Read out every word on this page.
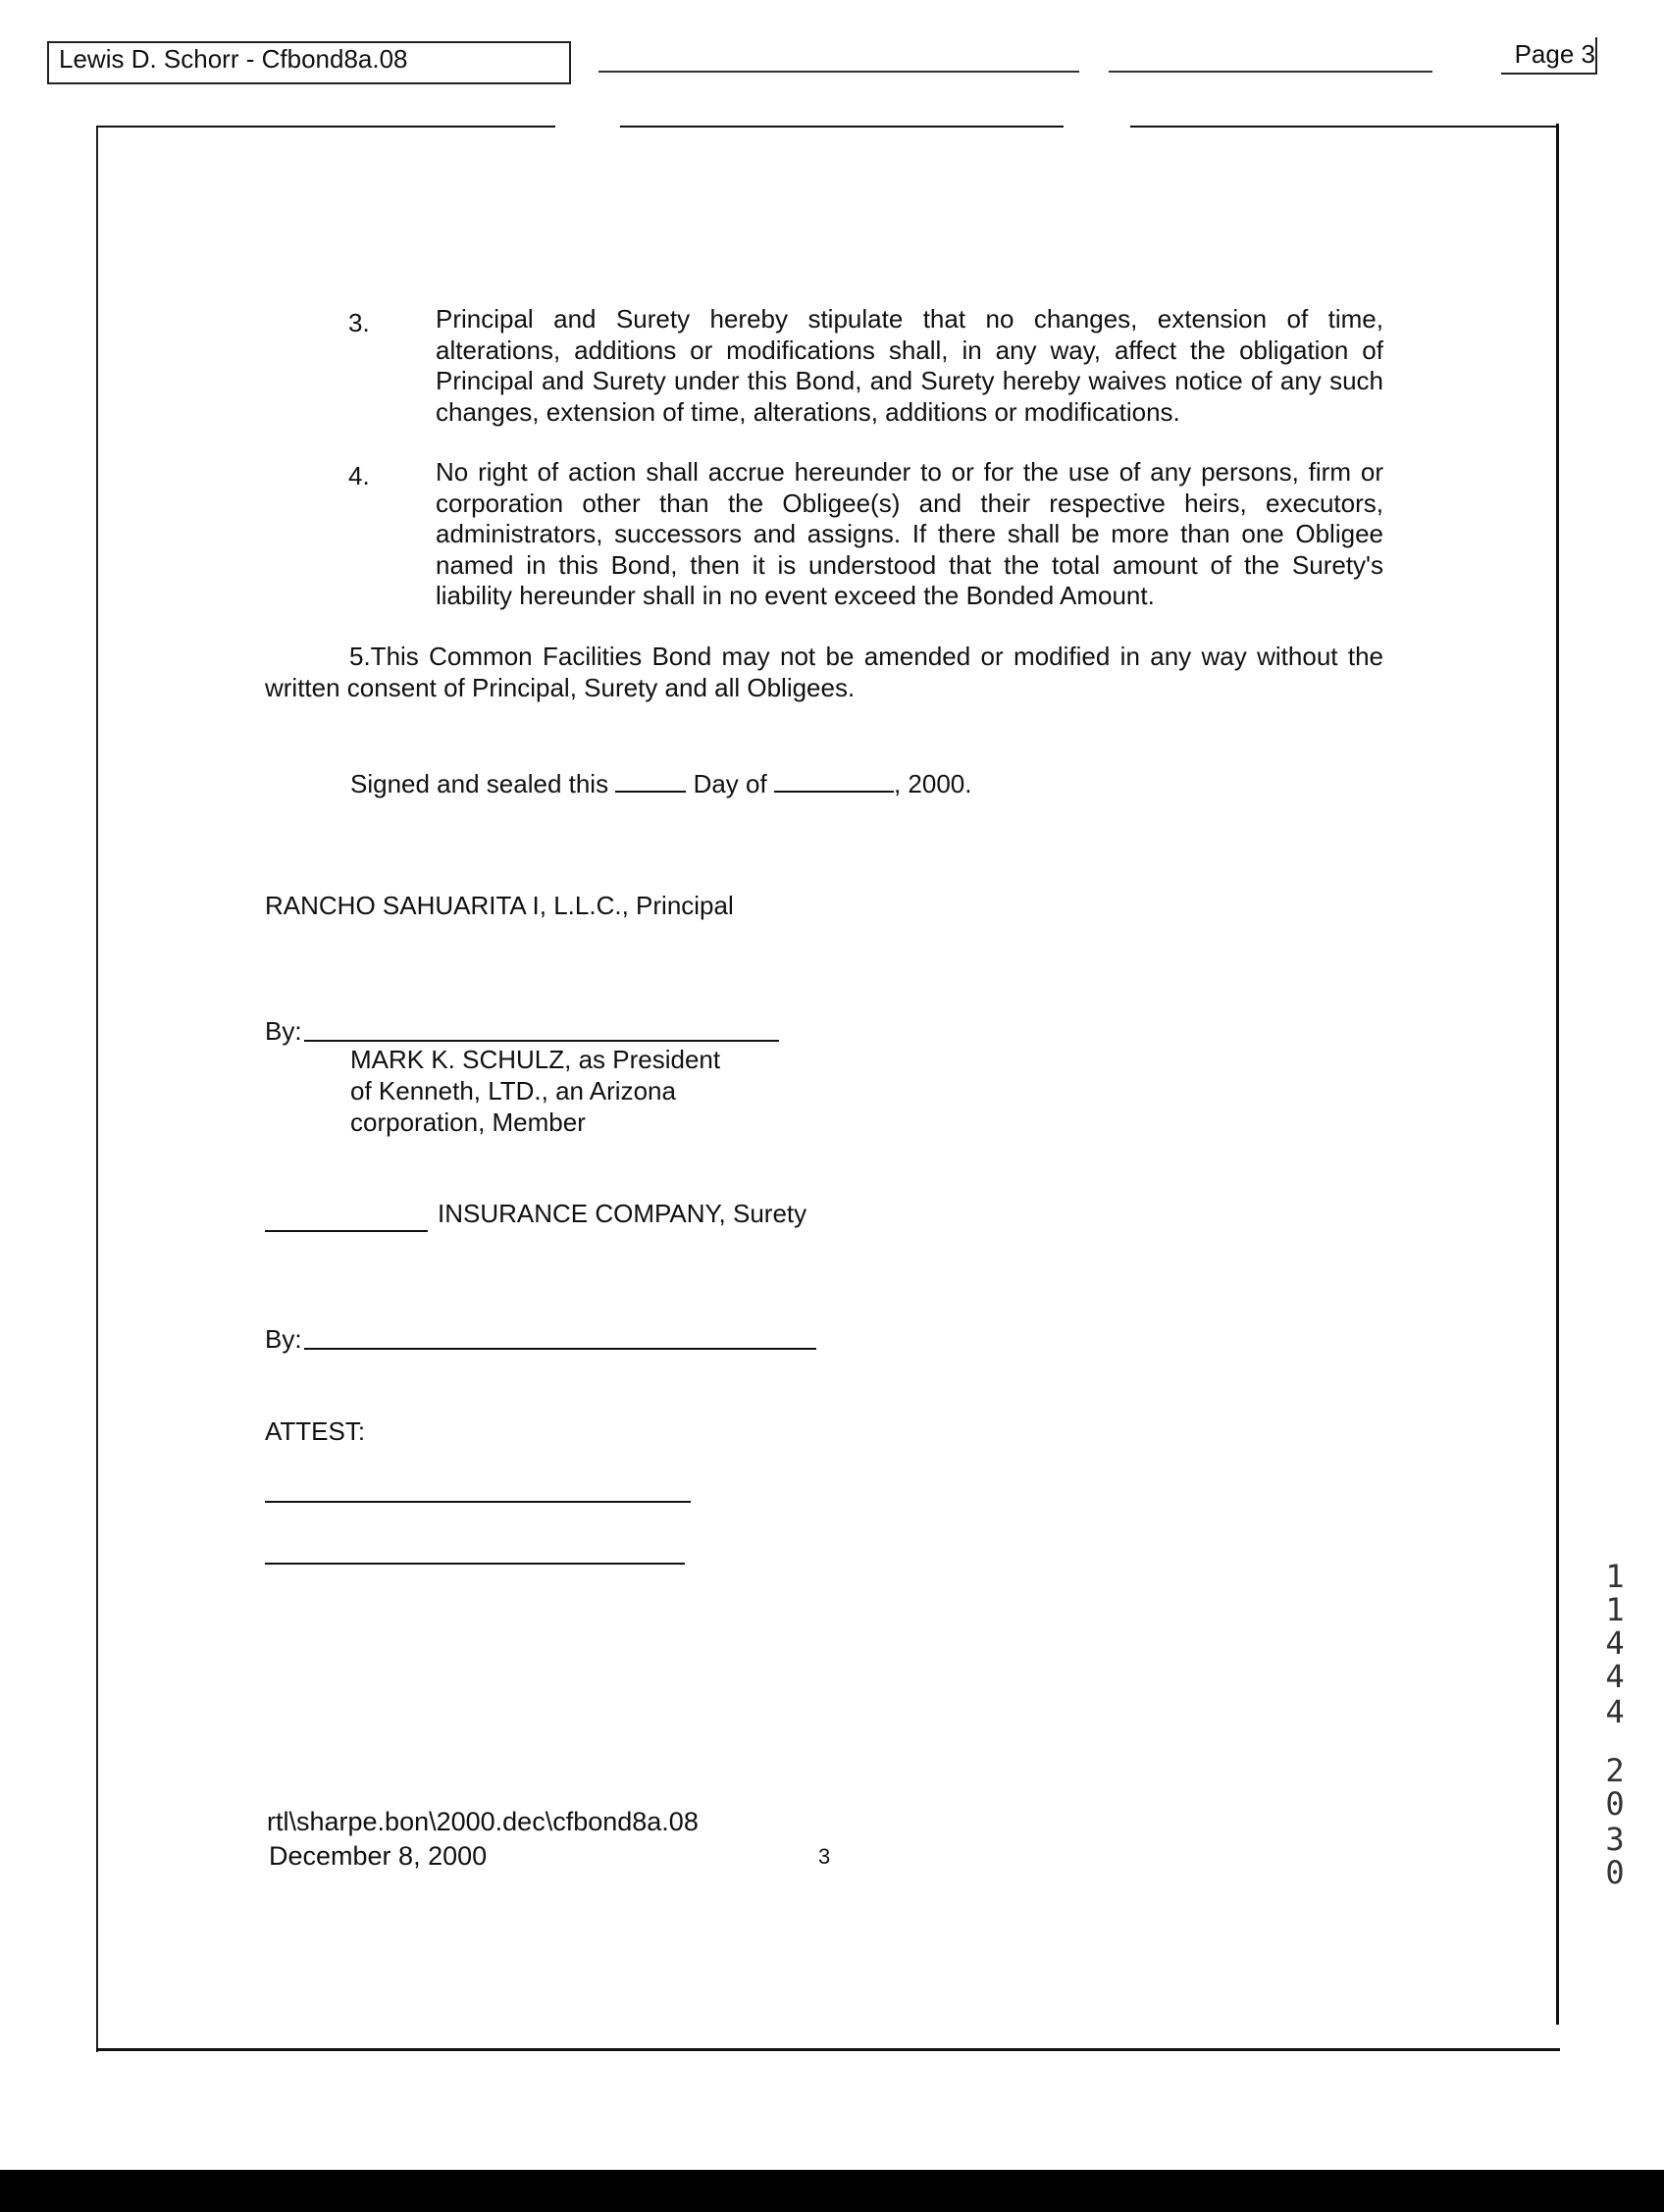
Lewis D. Schorr - Cfbond8a.08	Page 3
3.	Principal and Surety hereby stipulate that no changes, extension of time, alterations, additions or modifications shall, in any way, affect the obligation of Principal and Surety under this Bond, and Surety hereby waives notice of any such changes, extension of time, alterations, additions or modifications.
4.	No right of action shall accrue hereunder to or for the use of any persons, firm or corporation other than the Obligee(s) and their respective heirs, executors, administrators, successors and assigns. If there shall be more than one Obligee named in this Bond, then it is understood that the total amount of the Surety's liability hereunder shall in no event exceed the Bonded Amount.
5.This Common Facilities Bond may not be amended or modified in any way without the written consent of Principal, Surety and all Obligees.
Signed and sealed this	Day of	, 2000.
RANCHO SAHUARITA I, L.L.C., Principal
By:
MARK K. SCHULZ, as President
of Kenneth, LTD., an Arizona
corporation, Member
INSURANCE COMPANY, Surety
By:
ATTEST:
rtl\sharpe.bon\2000.dec\cfbond8a.08
December 8, 2000	3
1
1
4
4
4
2
0
3
0
